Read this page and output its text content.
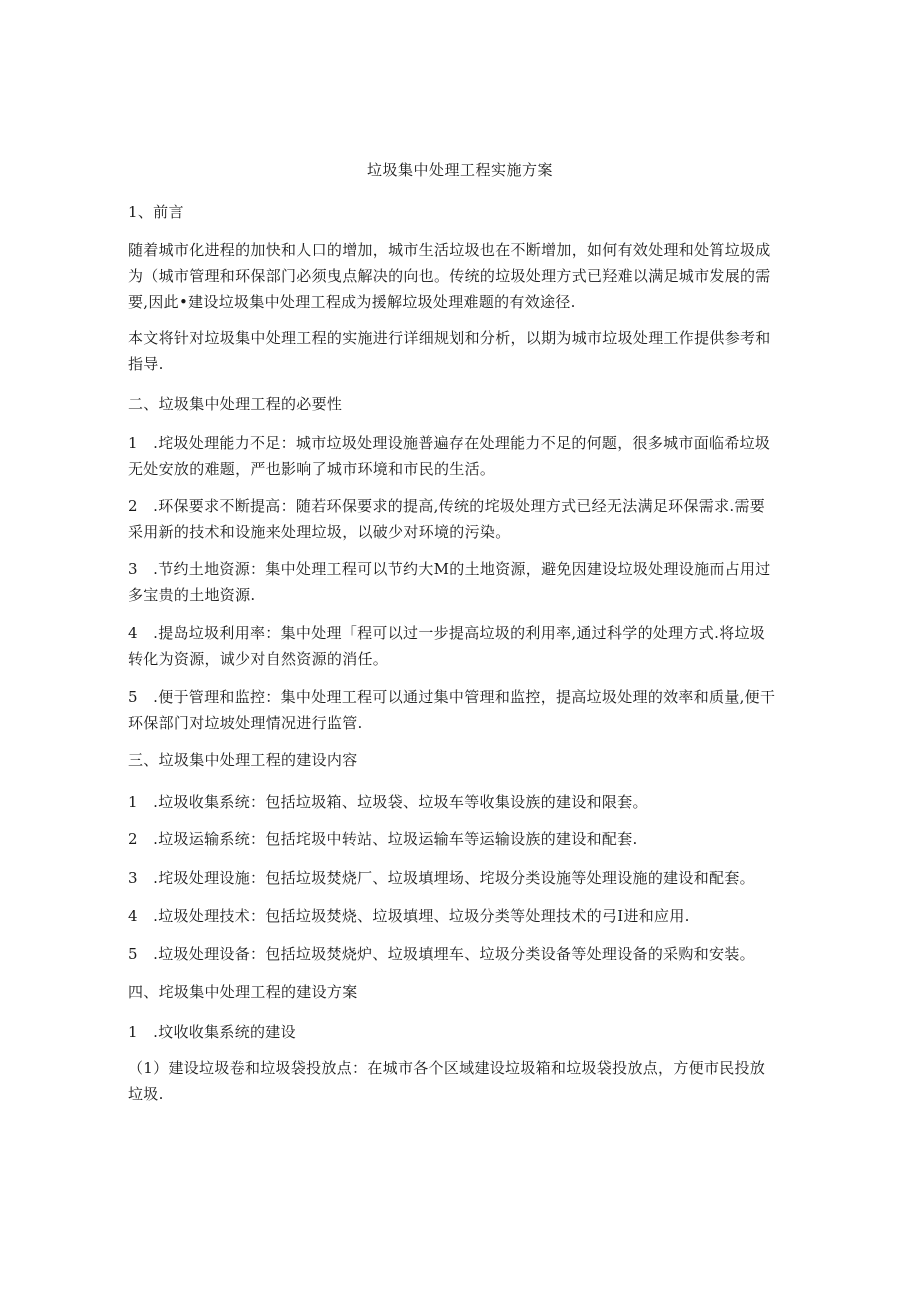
垃圾集中处理工程实施方案
1、前言
随着城市化进程的加快和人口的增加，城市生活垃圾也在不断增加，如何有效处理和处筲垃圾成
为（城市管理和环保部门必须曳点解决的向也。传统的垃圾处理方式已羟难以满足城市发展的需
要,因此•建设垃圾集中处理工程成为援解垃圾处理难题的有效途径.
本文将针对垃圾集中处理工程的实施进行详细规划和分析，以期为城市垃圾处理工作提供参考和
指导.
二、垃圾集中处理工程的必要性
1　.垞圾处理能力不足：城市垃圾处理设施普遍存在处理能力不足的何题，很多城市面临希垃圾
无处安放的难题，严也影响了城市环境和市民的生活。
2　.环保要求不断提高：随若环保要求的提高,传统的垞圾处理方式已经无法满足环保需求.需要
采用新的技术和设施来处理垃圾，以破少对环境的污染。
3　.节约土地资源：集中处理工程可以节约大M的土地资源，避免因建设垃圾处理设施而占用过
多宝贵的土地资源.
4　.提岛垃圾利用率：集中处理「程可以过一步提高垃圾的利用率,通过科学的处理方式.将垃圾
转化为资源，诚少对自然资源的消任。
5　.便于管理和监控：集中处理工程可以通过集中管理和监控，提高垃圾处理的效率和质量,便干
环保部门对垃坡处理情况进行监管.
三、垃圾集中处理工程的建设内容
1　.垃圾收集系统：包括垃圾箱、垃圾袋、垃圾车等收集设族的建设和限套。
2　.垃圾运输系统：包括垞圾中转站、垃圾运输车等运输设族的建设和配套.
3　.垞圾处理设施：包括垃圾焚烧厂、垃圾填埋场、垞圾分类设施等处理设施的建设和配套。
4　.垃圾处理技术：包括垃圾焚烧、垃圾填埋、垃圾分类等处理技术的弓I进和应用.
5　.垃圾处理设备：包括垃圾焚烧炉、垃圾填埋车、垃圾分类设备等处理设备的采购和安装。
四、垞圾集中处理工程的建设方案
1　.坟收收集系统的建设
（1）建设垃圾卷和垃圾袋投放点：在城市各个区域建设垃圾箱和垃圾袋投放点，方便市民投放
垃圾.
